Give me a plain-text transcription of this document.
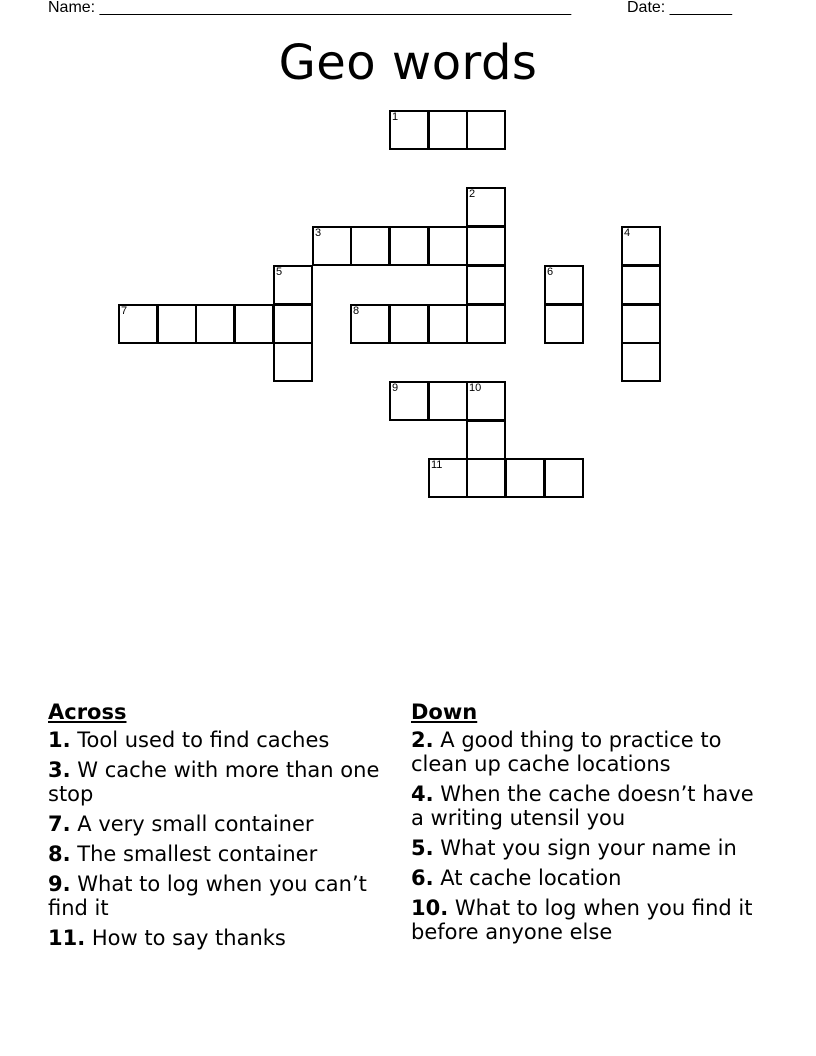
Name: _____________________________________________________	Date: _______
Geo words
1
2
3	4
5	6
7	8
9	10
11
Across
1. Tool used to find caches
3. W cache with more than one stop
7. A very small container
8. The smallest container
9. What to log when you can’t find it
11. How to say thanks
Down
2. A good thing to practice to clean up cache locations
4. When the cache doesn’t have a writing utensil you
5. What you sign your name in
6. At cache location
10. What to log when you find it before anyone else
